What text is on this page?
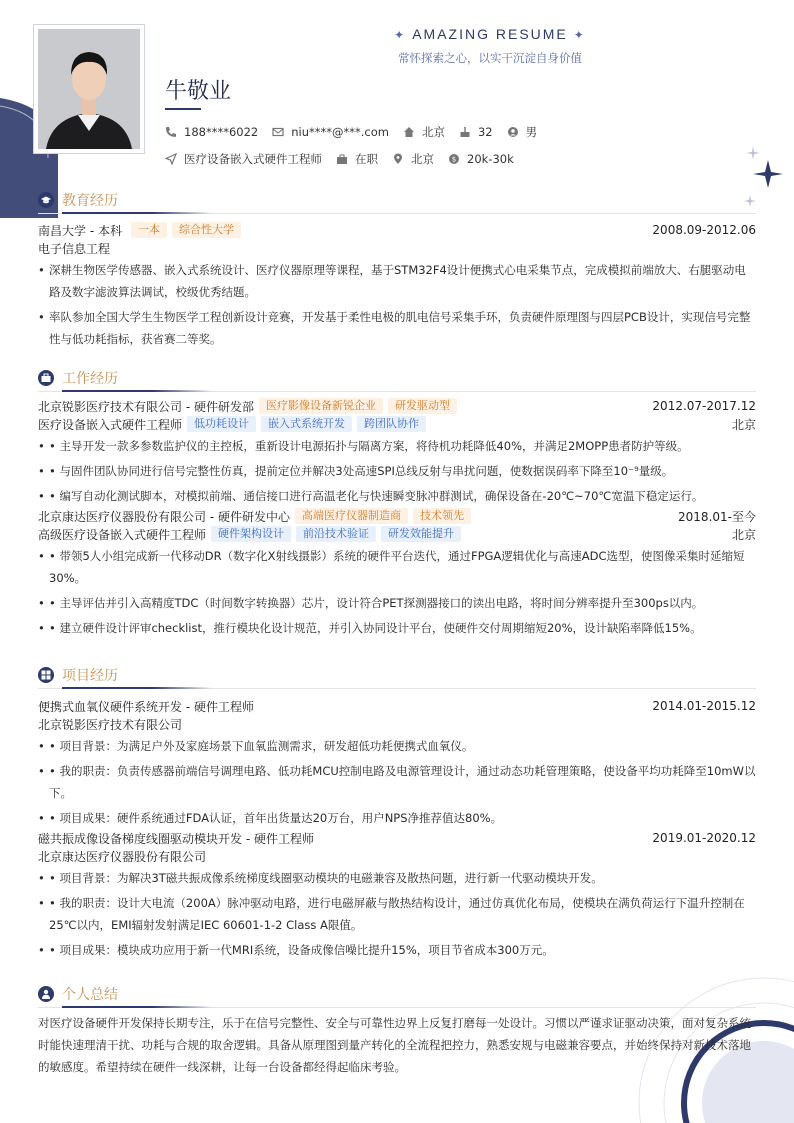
✦ AMAZING RESUME ✦
常怀探索之心，以实干沉淀自身价值
牛敬业
188****6022	niu****@***.com	北京	32	男
医疗设备嵌入式硬件工程师	在职	北京	$ 20k-30k
教育经历
南昌大学 - 本科	一本	综合性大学	2008.09-2012.06
电子信息工程
• 深耕生物医学传感器、嵌入式系统设计、医疗仪器原理等课程，基于STM32F4设计便携式心电采集节点，完成模拟前端放大、右腿驱动电路及数字滤波算法调试，校级优秀结题。
• 率队参加全国大学生生物医学工程创新设计竞赛，开发基于柔性电极的肌电信号采集手环，负责硬件原理图与四层PCB设计，实现信号完整性与低功耗指标，获省赛二等奖。
工作经历
北京锐影医疗技术有限公司 - 硬件研发部	医疗影像设备新锐企业	研发驱动型	2012.07-2017.12
医疗设备嵌入式硬件工程师	低功耗设计	嵌入式系统开发	跨团队协作	北京
• • 主导开发一款多参数监护仪的主控板，重新设计电源拓扑与隔离方案，将待机功耗降低40%，并满足2MOPP患者防护等级。
• • 与固件团队协同进行信号完整性仿真，提前定位并解决3处高速SPI总线反射与串扰问题，使数据误码率下降至10⁻⁹量级。
• • 编写自动化测试脚本，对模拟前端、通信接口进行高温老化与快速瞬变脉冲群测试，确保设备在-20℃~70℃宽温下稳定运行。
北京康达医疗仪器股份有限公司 - 硬件研发中心	高端医疗仪器制造商	技术领先	2018.01-至今
高级医疗设备嵌入式硬件工程师	硬件架构设计	前沿技术验证	研发效能提升	北京
• • 带领5人小组完成新一代移动DR（数字化X射线摄影）系统的硬件平台迭代，通过FPGA逻辑优化与高速ADC选型，使图像采集时延缩短30%。
• • 主导评估并引入高精度TDC（时间数字转换器）芯片，设计符合PET探测器接口的读出电路，将时间分辨率提升至300ps以内。
• • 建立硬件设计评审checklist，推行模块化设计规范，并引入协同设计平台，使硬件交付周期缩短20%，设计缺陷率降低15%。
项目经历
便携式血氧仪硬件系统开发 - 硬件工程师	2014.01-2015.12
北京锐影医疗技术有限公司
• • 项目背景：为满足户外及家庭场景下血氧监测需求，研发超低功耗便携式血氧仪。
• • 我的职责：负责传感器前端信号调理电路、低功耗MCU控制电路及电源管理设计，通过动态功耗管理策略，使设备平均功耗降至10mW以下。
• • 项目成果：硬件系统通过FDA认证，首年出货量达20万台，用户NPS净推荐值达80%。
磁共振成像设备梯度线圈驱动模块开发 - 硬件工程师	2019.01-2020.12
北京康达医疗仪器股份有限公司
• • 项目背景：为解决3T磁共振成像系统梯度线圈驱动模块的电磁兼容及散热问题，进行新一代驱动模块开发。
• • 我的职责：设计大电流（200A）脉冲驱动电路，进行电磁屏蔽与散热结构设计，通过仿真优化布局，使模块在满负荷运行下温升控制在25℃以内，EMI辐射发射满足IEC 60601-1-2 Class A限值。
• • 项目成果：模块成功应用于新一代MRI系统，设备成像信噪比提升15%，项目节省成本300万元。
个人总结
对医疗设备硬件开发保持长期专注，乐于在信号完整性、安全与可靠性边界上反复打磨每一处设计。习惯以严谨求证驱动决策，面对复杂系统时能快速理清干扰、功耗与合规的取舍逻辑。具备从原理图到量产转化的全流程把控力，熟悉安规与电磁兼容要点，并始终保持对新技术落地的敏感度。希望持续在硬件一线深耕，让每一台设备都经得起临床考验。
